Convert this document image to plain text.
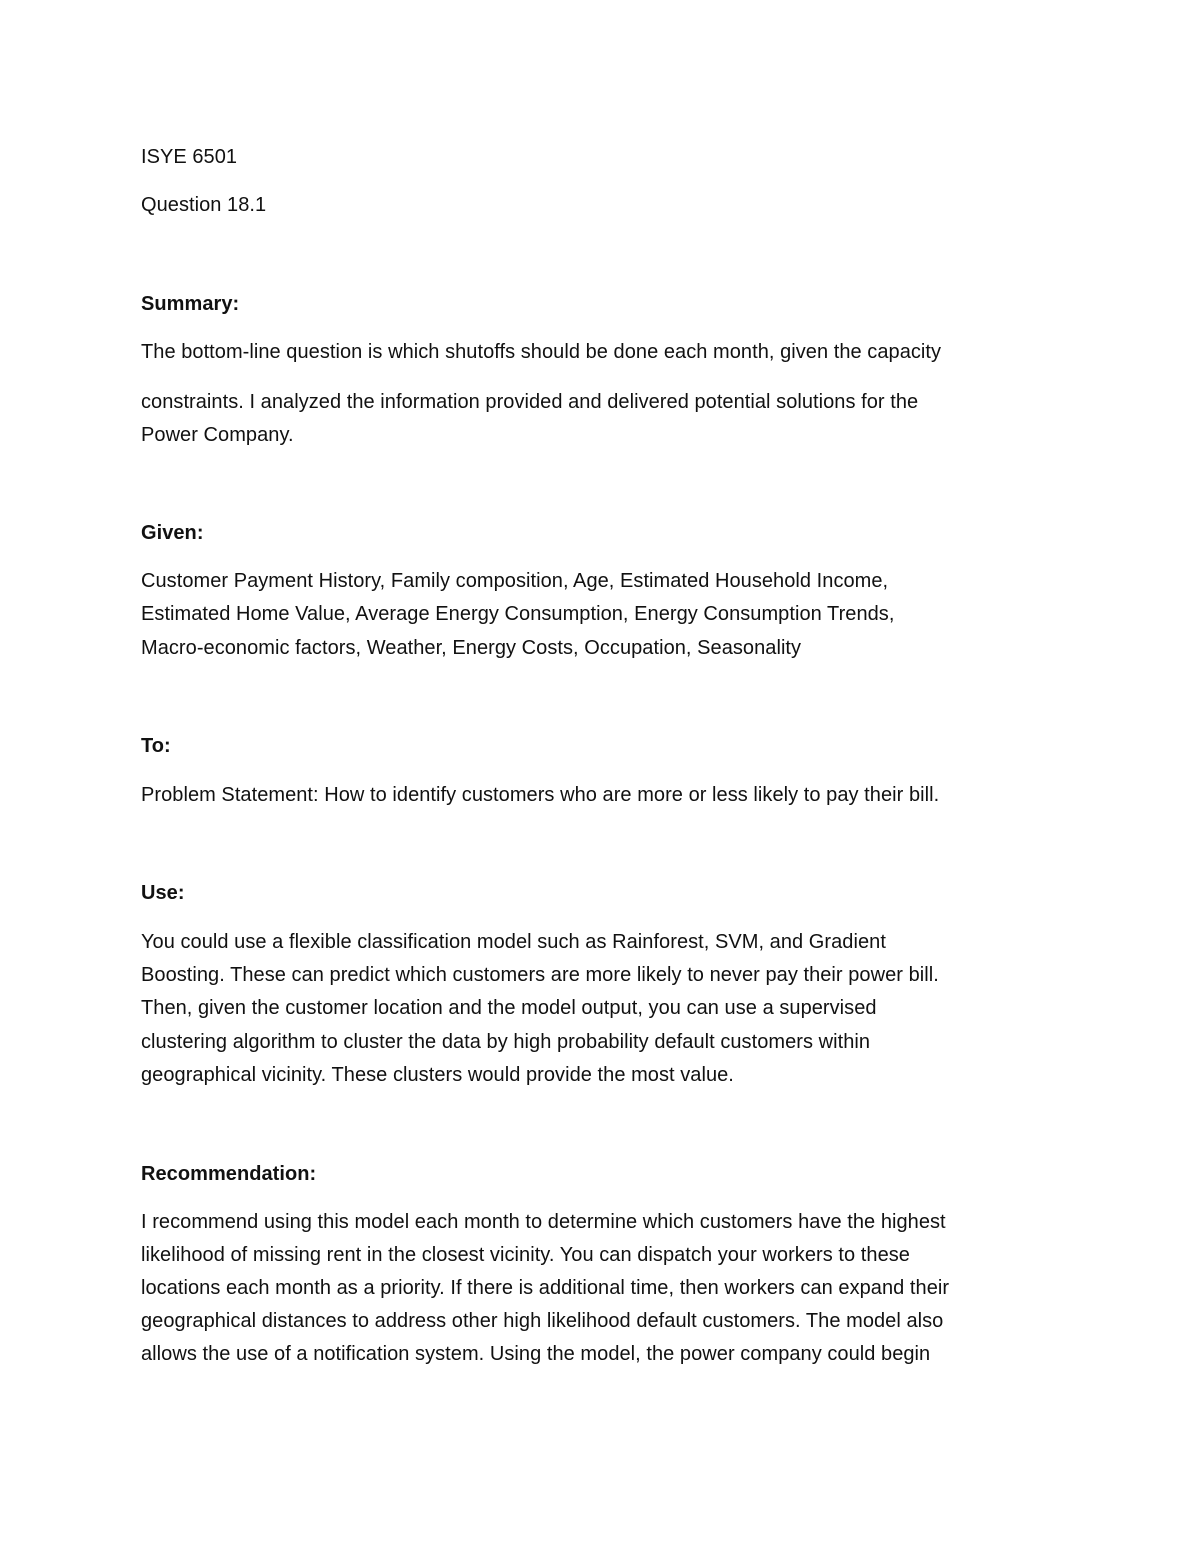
ISYE 6501
Question 18.1
Summary:
The bottom-line question is which shutoffs should be done each month, given the capacity
constraints. I analyzed the information provided and delivered potential solutions for the
Power Company.
Given:
Customer Payment History, Family composition, Age, Estimated Household Income,
Estimated Home Value, Average Energy Consumption, Energy Consumption Trends,
Macro-economic factors, Weather, Energy Costs, Occupation, Seasonality
To:
Problem Statement: How to identify customers who are more or less likely to pay their bill.
Use:
You could use a flexible classification model such as Rainforest, SVM, and Gradient
Boosting. These can predict which customers are more likely to never pay their power bill.
Then, given the customer location and the model output, you can use a supervised
clustering algorithm to cluster the data by high probability default customers within
geographical vicinity. These clusters would provide the most value.
Recommendation:
I recommend using this model each month to determine which customers have the highest
likelihood of missing rent in the closest vicinity. You can dispatch your workers to these
locations each month as a priority. If there is additional time, then workers can expand their
geographical distances to address other high likelihood default customers. The model also
allows the use of a notification system. Using the model, the power company could begin
